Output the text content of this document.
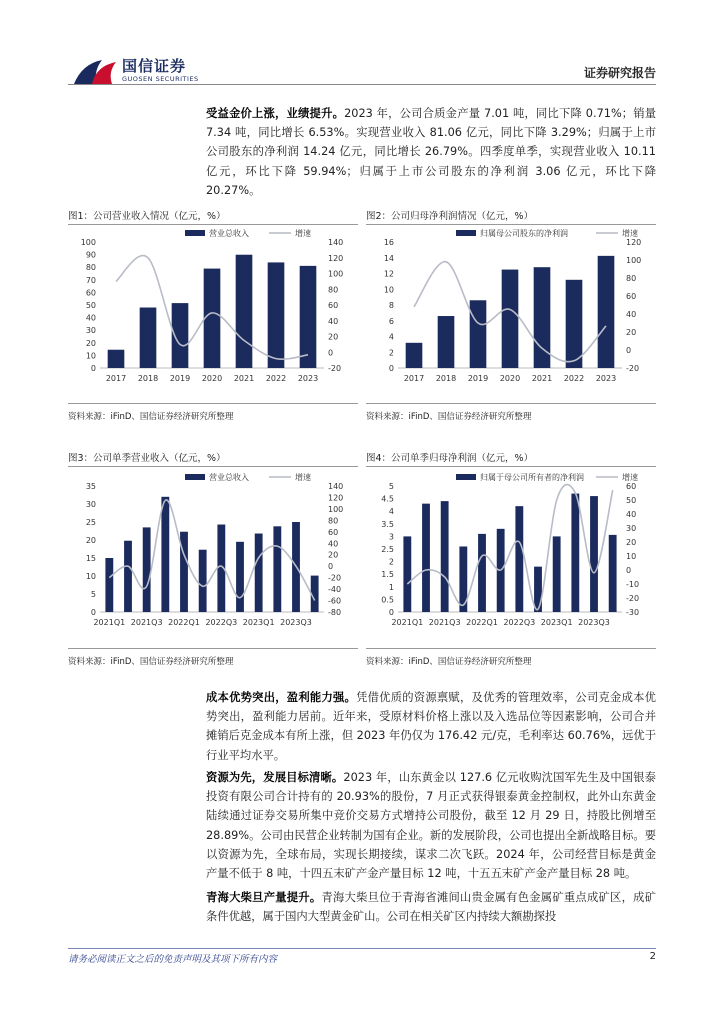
国信证券
GUOSEN SECURITIES	证券研究报告
受益金价上涨，业绩提升。2023 年，公司合质金产量 7.01 吨，同比下降 0.71%；销量 7.34 吨，同比增长 6.53%。实现营业收入 81.06 亿元，同比下降 3.29%；归属于上市公司股东的净利润 14.24 亿元，同比增长 26.79%。四季度单季，实现营业收入 10.11 亿元，环比下降 59.94%；归属于上市公司股东的净利润 3.06 亿元，环比下降 20.27%。
图1：公司营业收入情况（亿元，%）	图2：公司归母净利润情况（亿元，%）
0
10
20
30
40
50
60
70
80
90
100
-20
0
20
40
60
80
100
120
140
2017 2018 2019 2020 2021 2022 2023
营业总收入	增速
0
2
4
6
8
10
12
14
16
-20
0
20
40
60
80
100
120
2017 2018 2019 2020 2021 2022 2023
归属母公司股东的净利润	增速
资料来源：iFinD、国信证券经济研究所整理	资料来源：iFinD、国信证券经济研究所整理
图3：公司单季营业收入（亿元，%）	图4：公司单季归母净利润（亿元，%）
0
5
10
15
20
25
30
35
-80
-60
-40
-20
0
20
40
60
80
100
120
140
2021Q1 2021Q3 2022Q1 2022Q3 2023Q1 2023Q3
营业总收入	增速
0
0.5
1
1.5
2
2.5
3
3.5
4
4.5
5
-30
-20
-10
0
10
20
30
40
50
60
2021Q1 2021Q3 2022Q1 2022Q3 2023Q1 2023Q3
归属于母公司所有者的净利润	增速
资料来源：iFinD、国信证券经济研究所整理	资料来源：iFinD、国信证券经济研究所整理
成本优势突出，盈利能力强。凭借优质的资源禀赋，及优秀的管理效率，公司克金成本优势突出，盈利能力居前。近年来，受原材料价格上涨以及入选品位等因素影响，公司合并摊销后克金成本有所上涨，但 2023 年仍仅为 176.42 元/克，毛利率达 60.76%，远优于行业平均水平。
资源为先，发展目标清晰。2023 年，山东黄金以 127.6 亿元收购沈国军先生及中国银泰投资有限公司合计持有的 20.93%的股份，7 月正式获得银泰黄金控制权，此外山东黄金陆续通过证券交易所集中竞价交易方式增持公司股份，截至 12 月 29 日，持股比例增至 28.89%。公司由民营企业转制为国有企业。新的发展阶段，公司也提出全新战略目标。要以资源为先，全球布局，实现长期接续，谋求二次飞跃。2024 年，公司经营目标是黄金产量不低于 8 吨，十四五末矿产金产量目标 12 吨，十五五末矿产金产量目标 28 吨。
青海大柴旦产量提升。青海大柴旦位于青海省滩间山贵金属有色金属矿重点成矿区，成矿条件优越，属于国内大型黄金矿山。公司在相关矿区内持续大额勘探投
请务必阅读正文之后的免责声明及其项下所有内容	2
